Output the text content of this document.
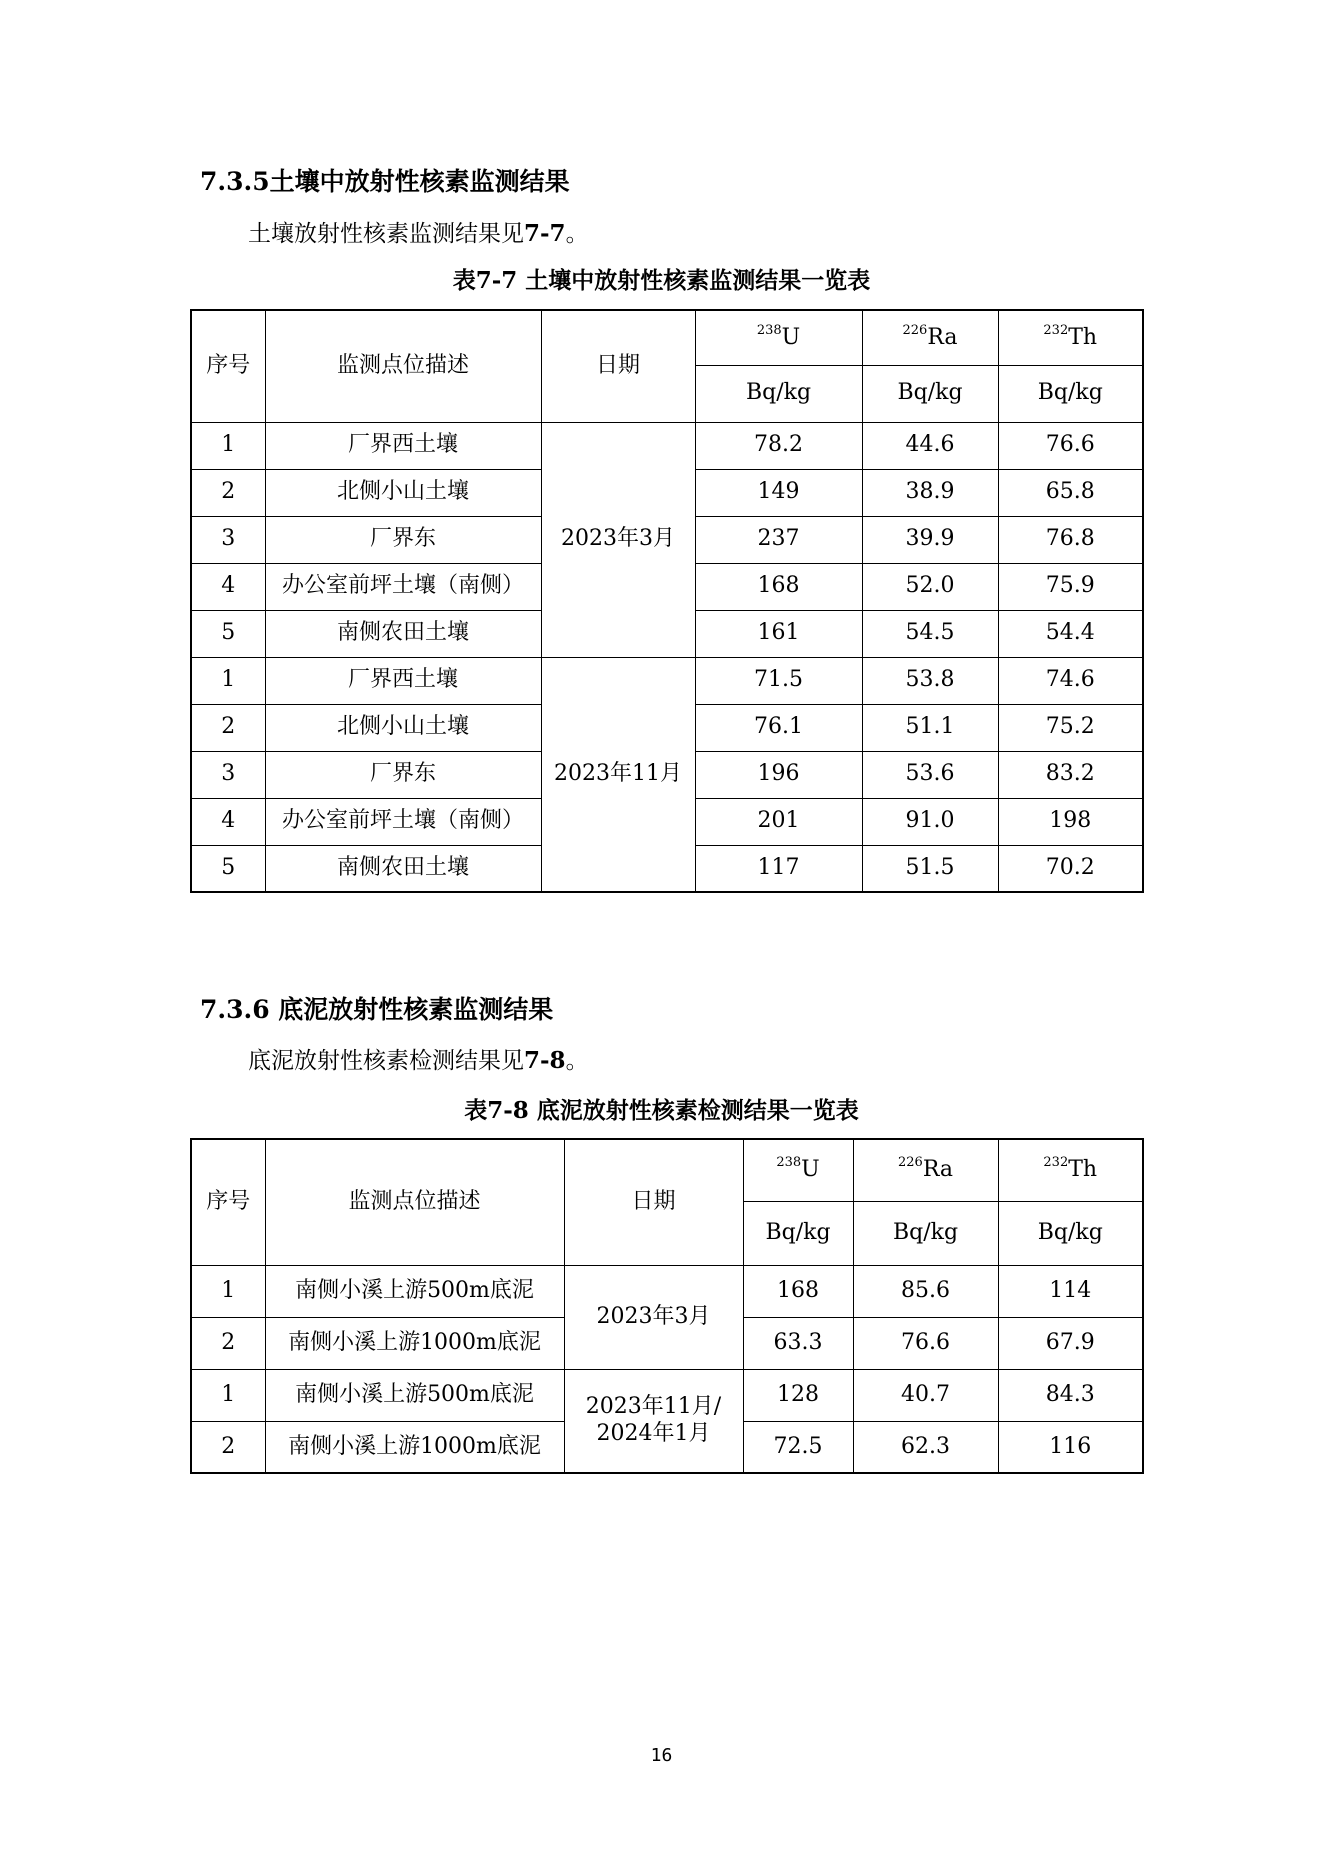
7.3.5土壤中放射性核素监测结果
土壤放射性核素监测结果见7-7。
表7-7 土壤中放射性核素监测结果一览表
序号	监测点位描述	日期	$^{238}$U	$^{226}$Ra	$^{232}$Th
			Bq/kg	Bq/kg	Bq/kg
1	厂界西土壤	2023年3月	78.2	44.6	76.6
2	北侧小山土壤		149	38.9	65.8
3	厂界东		237	39.9	76.8
4	办公室前坪土壤（南侧）		168	52.0	75.9
5	南侧农田土壤		161	54.5	54.4
1	厂界西土壤	2023年11月	71.5	53.8	74.6
2	北侧小山土壤		76.1	51.1	75.2
3	厂界东		196	53.6	83.2
4	办公室前坪土壤（南侧）		201	91.0	198
5	南侧农田土壤		117	51.5	70.2
7.3.6 底泥放射性核素监测结果
底泥放射性核素检测结果见7-8。
表7-8 底泥放射性核素检测结果一览表
序号	监测点位描述	日期	$^{238}$U	$^{226}$Ra	$^{232}$Th
			Bq/kg	Bq/kg	Bq/kg
1	南侧小溪上游500m底泥	2023年3月	168	85.6	114
2	南侧小溪上游1000m底泥		63.3	76.6	67.9
1	南侧小溪上游500m底泥	2023年11月/
2024年1月	128	40.7	84.3
2	南侧小溪上游1000m底泥		72.5	62.3	116
16
